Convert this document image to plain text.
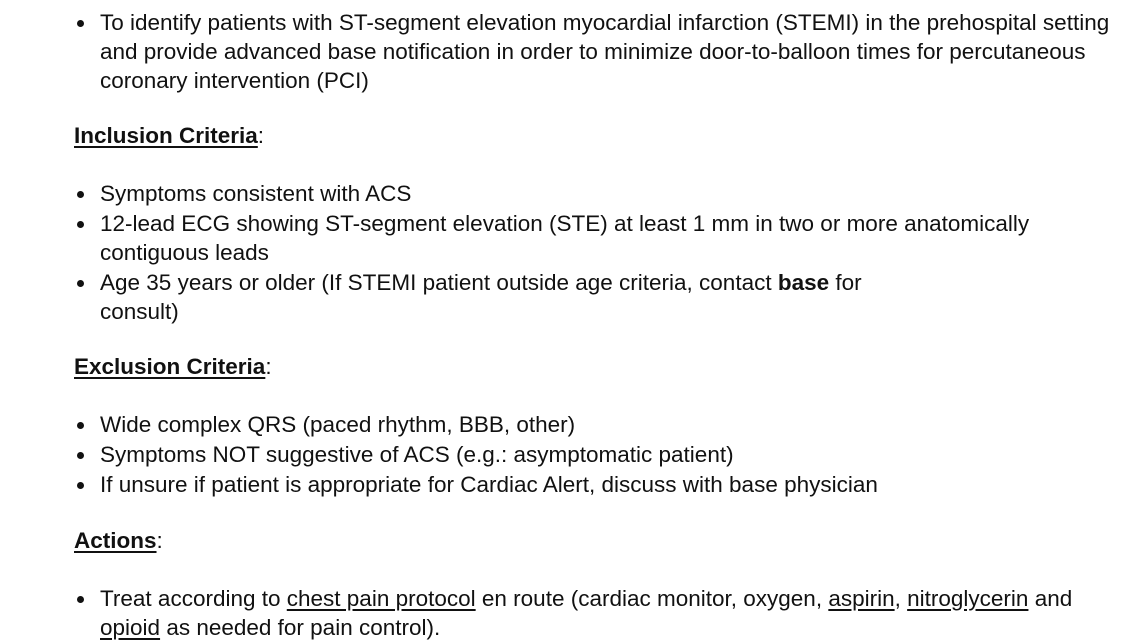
To identify patients with ST-segment elevation myocardial infarction (STEMI) in the prehospital setting and provide advanced base notification in order to minimize door-to-balloon times for percutaneous coronary intervention (PCI)
Inclusion Criteria:
Symptoms consistent with ACS
12-lead ECG showing ST-segment elevation (STE) at least 1 mm in two or more anatomically contiguous leads
Age 35 years or older (If STEMI patient outside age criteria, contact base for
consult)
Exclusion Criteria:
Wide complex QRS (paced rhythm, BBB, other)
Symptoms NOT suggestive of ACS (e.g.: asymptomatic patient)
If unsure if patient is appropriate for Cardiac Alert, discuss with base physician
Actions:
Treat according to chest pain protocol en route (cardiac monitor, oxygen, aspirin, nitroglycerin and opioid as needed for pain control).
